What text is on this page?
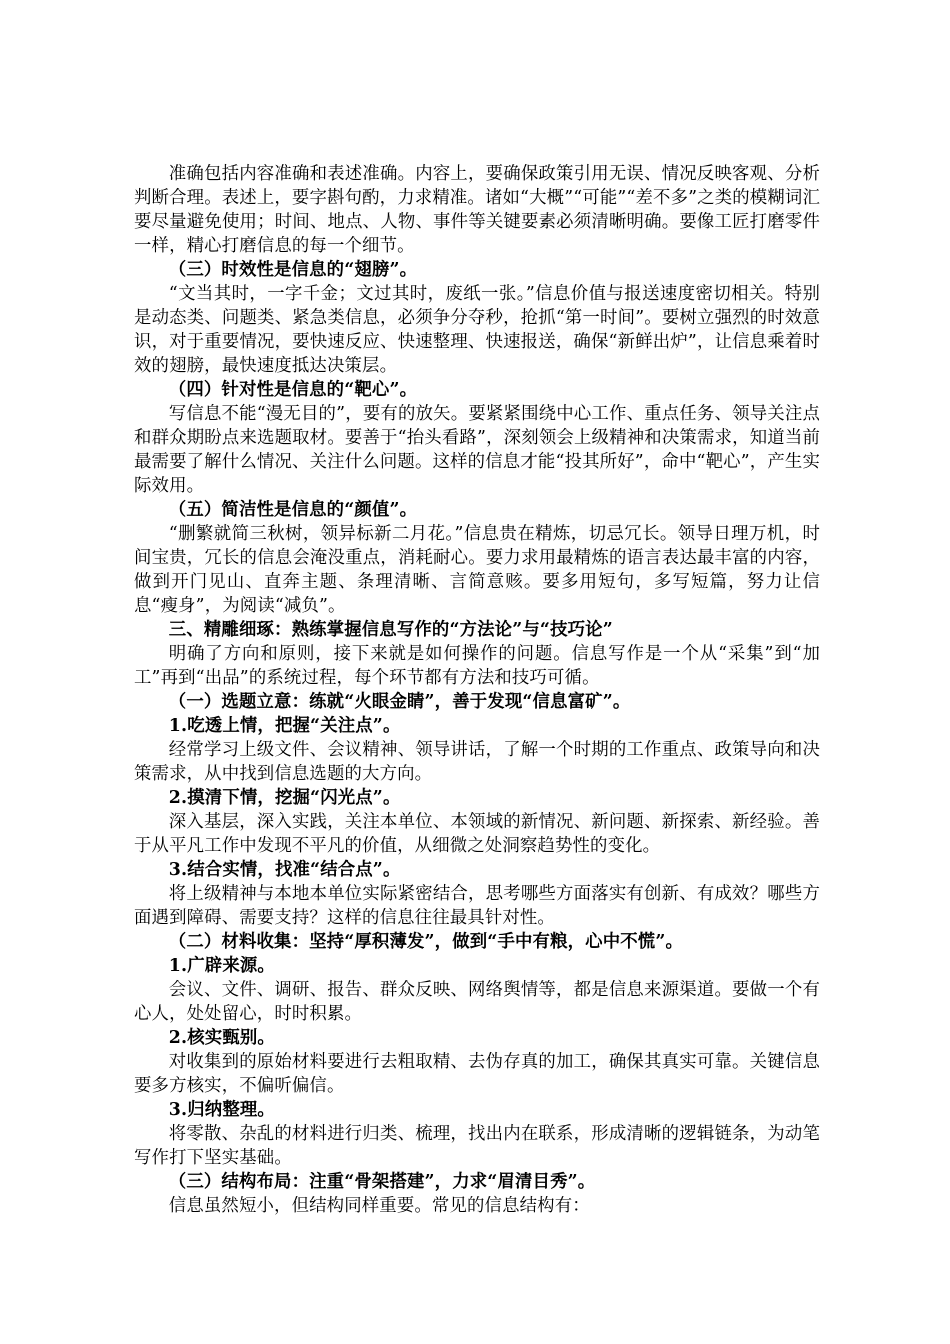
准确包括内容准确和表述准确。内容上，要确保政策引用无误、情况反映客观、分析判断合理。表述上，要字斟句酌，力求精准。诸如“大概”“可能”“差不多”之类的模糊词汇要尽量避免使用；时间、地点、人物、事件等关键要素必须清晰明确。要像工匠打磨零件一样，精心打磨信息的每一个细节。

（三）时效性是信息的“翅膀”。

“文当其时，一字千金；文过其时，废纸一张。”信息价值与报送速度密切相关。特别是动态类、问题类、紧急类信息，必须争分夺秒，抢抓“第一时间”。要树立强烈的时效意识，对于重要情况，要快速反应、快速整理、快速报送，确保“新鲜出炉”，让信息乘着时效的翅膀，最快速度抵达决策层。

（四）针对性是信息的“靶心”。

写信息不能“漫无目的”，要有的放矢。要紧紧围绕中心工作、重点任务、领导关注点和群众期盼点来选题取材。要善于“抬头看路”，深刻领会上级精神和决策需求，知道当前最需要了解什么情况、关注什么问题。这样的信息才能“投其所好”，命中“靶心”，产生实际效用。

（五）简洁性是信息的“颜值”。

“删繁就简三秋树，领异标新二月花。”信息贵在精炼，切忌冗长。领导日理万机，时间宝贵，冗长的信息会淹没重点，消耗耐心。要力求用最精炼的语言表达最丰富的内容，做到开门见山、直奔主题、条理清晰、言简意赅。要多用短句，多写短篇，努力让信息“瘦身”，为阅读“减负”。

三、精雕细琢：熟练掌握信息写作的“方法论”与“技巧论”

明确了方向和原则，接下来就是如何操作的问题。信息写作是一个从“采集”到“加工”再到“出品”的系统过程，每个环节都有方法和技巧可循。

（一）选题立意：练就“火眼金睛”，善于发现“信息富矿”。

1.吃透上情，把握“关注点”。

经常学习上级文件、会议精神、领导讲话，了解一个时期的工作重点、政策导向和决策需求，从中找到信息选题的大方向。

2.摸清下情，挖掘“闪光点”。

深入基层，深入实践，关注本单位、本领域的新情况、新问题、新探索、新经验。善于从平凡工作中发现不平凡的价值，从细微之处洞察趋势性的变化。

3.结合实情，找准“结合点”。

将上级精神与本地本单位实际紧密结合，思考哪些方面落实有创新、有成效？哪些方面遇到障碍、需要支持？这样的信息往往最具针对性。

（二）材料收集：坚持“厚积薄发”，做到“手中有粮，心中不慌”。

1.广辟来源。

会议、文件、调研、报告、群众反映、网络舆情等，都是信息来源渠道。要做一个有心人，处处留心，时时积累。

2.核实甄别。

对收集到的原始材料要进行去粗取精、去伪存真的加工，确保其真实可靠。关键信息要多方核实，不偏听偏信。

3.归纳整理。

将零散、杂乱的材料进行归类、梳理，找出内在联系，形成清晰的逻辑链条，为动笔写作打下坚实基础。

（三）结构布局：注重“骨架搭建”，力求“眉清目秀”。

信息虽然短小，但结构同样重要。常见的信息结构有：
